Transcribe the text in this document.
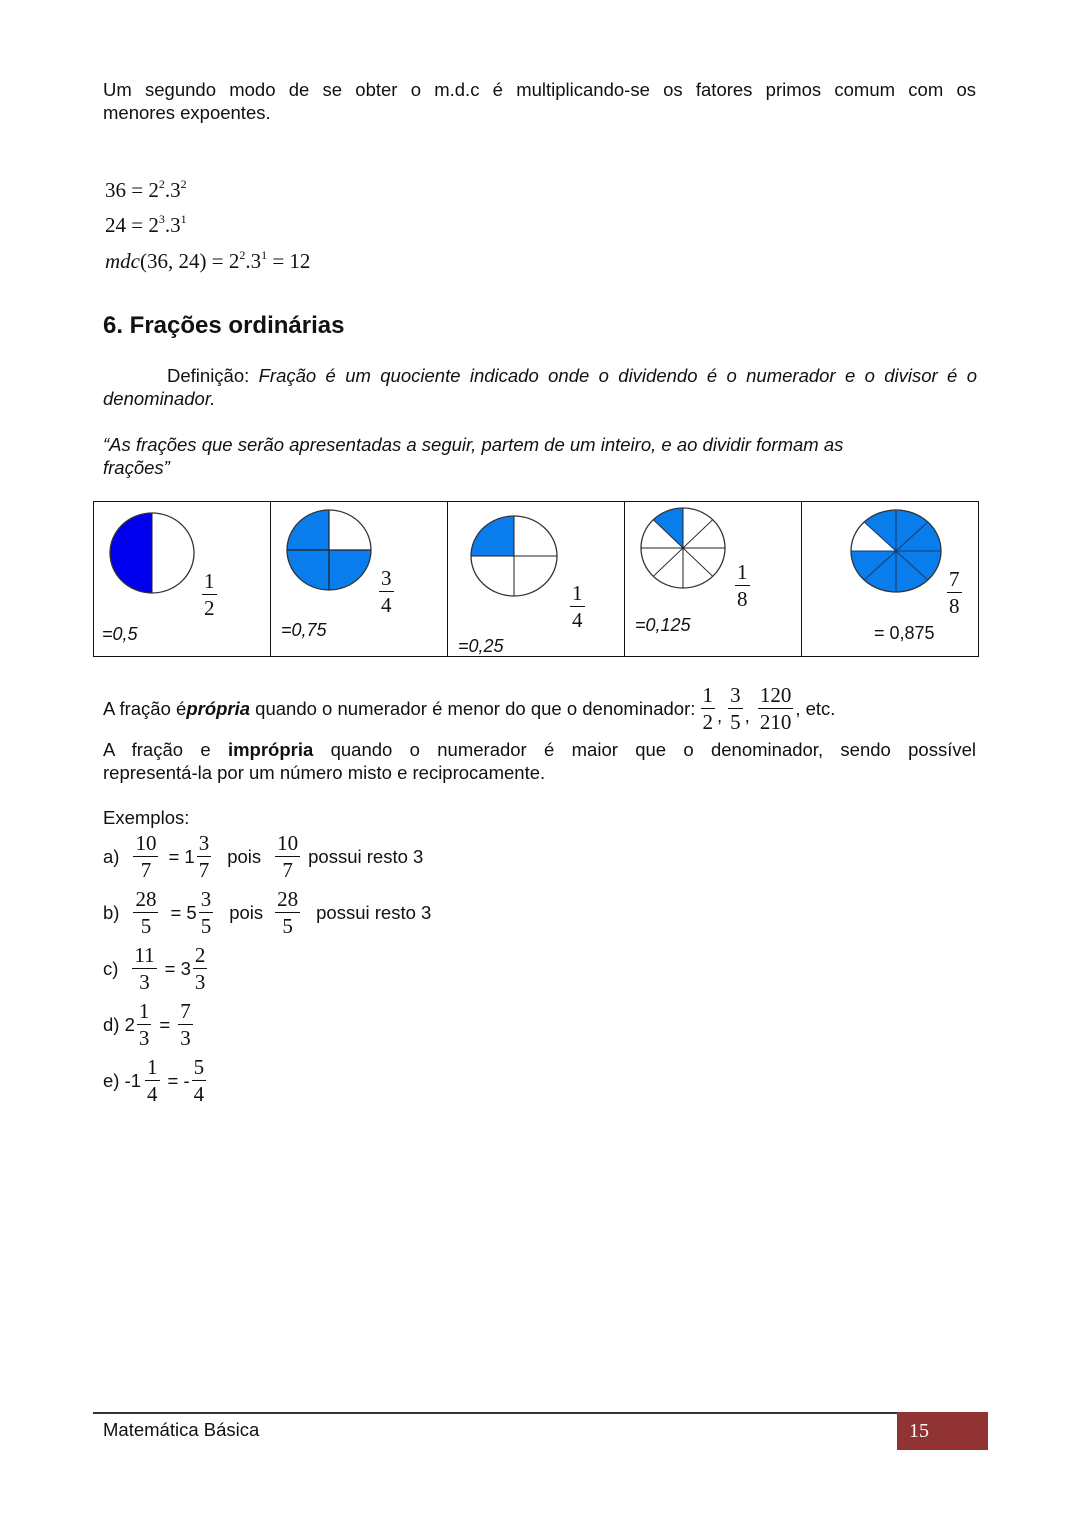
Um segundo modo de se obter o m.d.c é multiplicando-se os fatores primos comum com os
menores expoentes.
$36 = 2^2.3^2$
$24 = 2^3.3^1$
mdc(36, $24) = 2^2.3^1 = 12$
6. Frações ordinárias
Definição: Fração é um quociente indicado onde o dividendo é o numerador e o divisor é o
denominador.
“As frações que serão apresentadas a seguir, partem de um inteiro, e ao dividir formam as
frações”
$\frac{1}{2}$
=0,5
$\frac{3}{4}$
=0,75	$\frac{1}{4}$
=0,25
$\frac{1}{8}$
=0,125
$\frac{7}{8}$
= 0,875
A fração é própria quando o numerador é menor do que o denominador: $\frac{1}{2}$ , $\frac{3}{5}$ , $\frac{120}{210}$ , etc.
A fração e imprópria quando o numerador é maior que o denominador, sendo possível
representá-la por um número misto e reciprocamente.
Exemplos:
$a) \frac{10}{7} = 1 \frac{3}{7}$ pois $\frac{10}{7}$ possui resto 3
$b) \frac{28}{5} = 5 \frac{3}{5}$ pois $\frac{28}{5}$ possui resto 3
$c) \frac{11}{3} = 3 \frac{2}{3}$
d) $2 \frac{1}{3} = \frac{7}{3}$
e) $-1 \frac{1}{4}$ = - $\frac{5}{4}$
Matemática Básica	15
